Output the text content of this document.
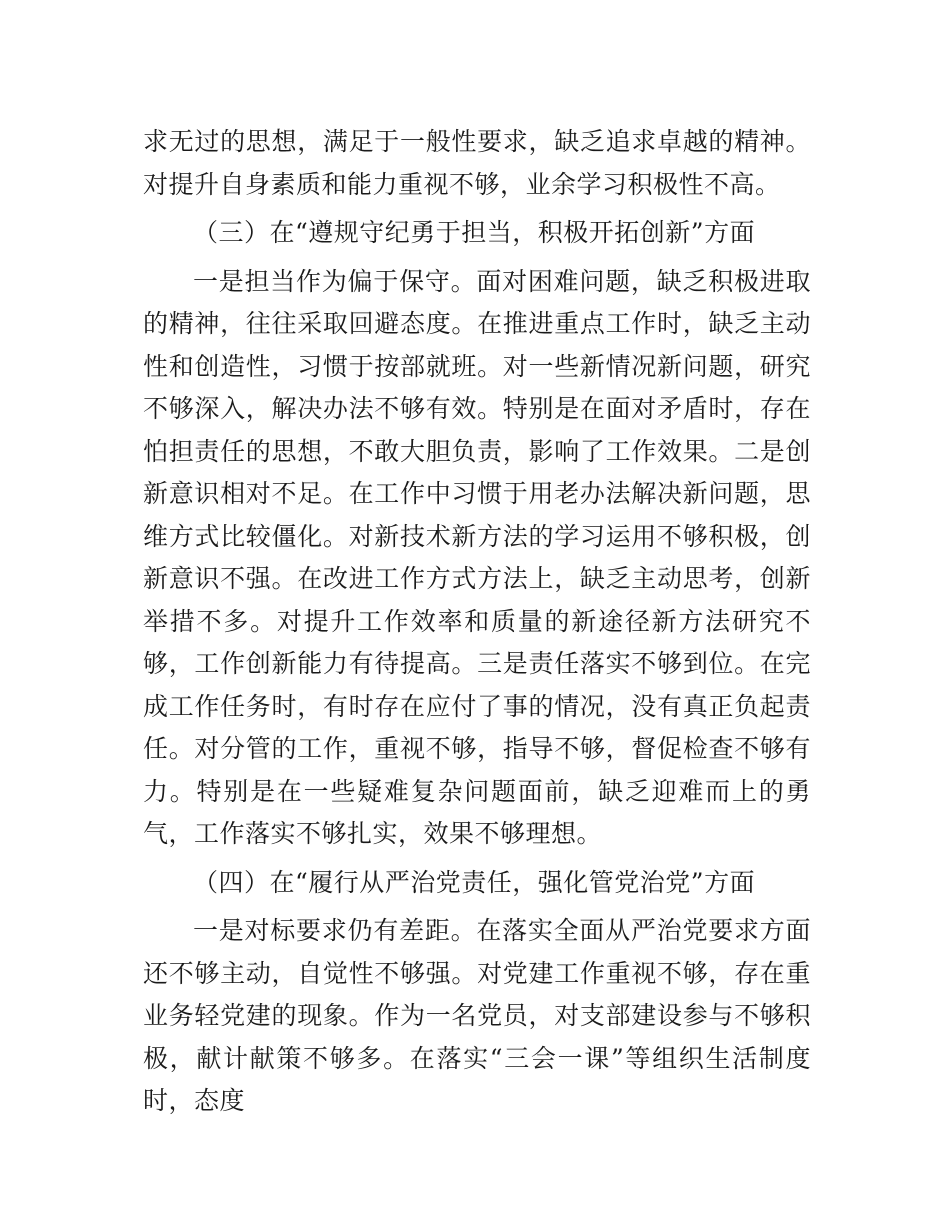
求无过的思想，满足于一般性要求，缺乏追求卓越的精神。对提升自身素质和能力重视不够，业余学习积极性不高。

（三）在“遵规守纪勇于担当，积极开拓创新”方面

一是担当作为偏于保守。面对困难问题，缺乏积极进取的精神，往往采取回避态度。在推进重点工作时，缺乏主动性和创造性，习惯于按部就班。对一些新情况新问题，研究不够深入，解决办法不够有效。特别是在面对矛盾时，存在怕担责任的思想，不敢大胆负责，影响了工作效果。二是创新意识相对不足。在工作中习惯于用老办法解决新问题，思维方式比较僵化。对新技术新方法的学习运用不够积极，创新意识不强。在改进工作方式方法上，缺乏主动思考，创新举措不多。对提升工作效率和质量的新途径新方法研究不够，工作创新能力有待提高。三是责任落实不够到位。在完成工作任务时，有时存在应付了事的情况，没有真正负起责任。对分管的工作，重视不够，指导不够，督促检查不够有力。特别是在一些疑难复杂问题面前，缺乏迎难而上的勇气，工作落实不够扎实，效果不够理想。

（四）在“履行从严治党责任，强化管党治党”方面

一是对标要求仍有差距。在落实全面从严治党要求方面还不够主动，自觉性不够强。对党建工作重视不够，存在重业务轻党建的现象。作为一名党员，对支部建设参与不够积极，献计献策不够多。在落实“三会一课”等组织生活制度时，态度
